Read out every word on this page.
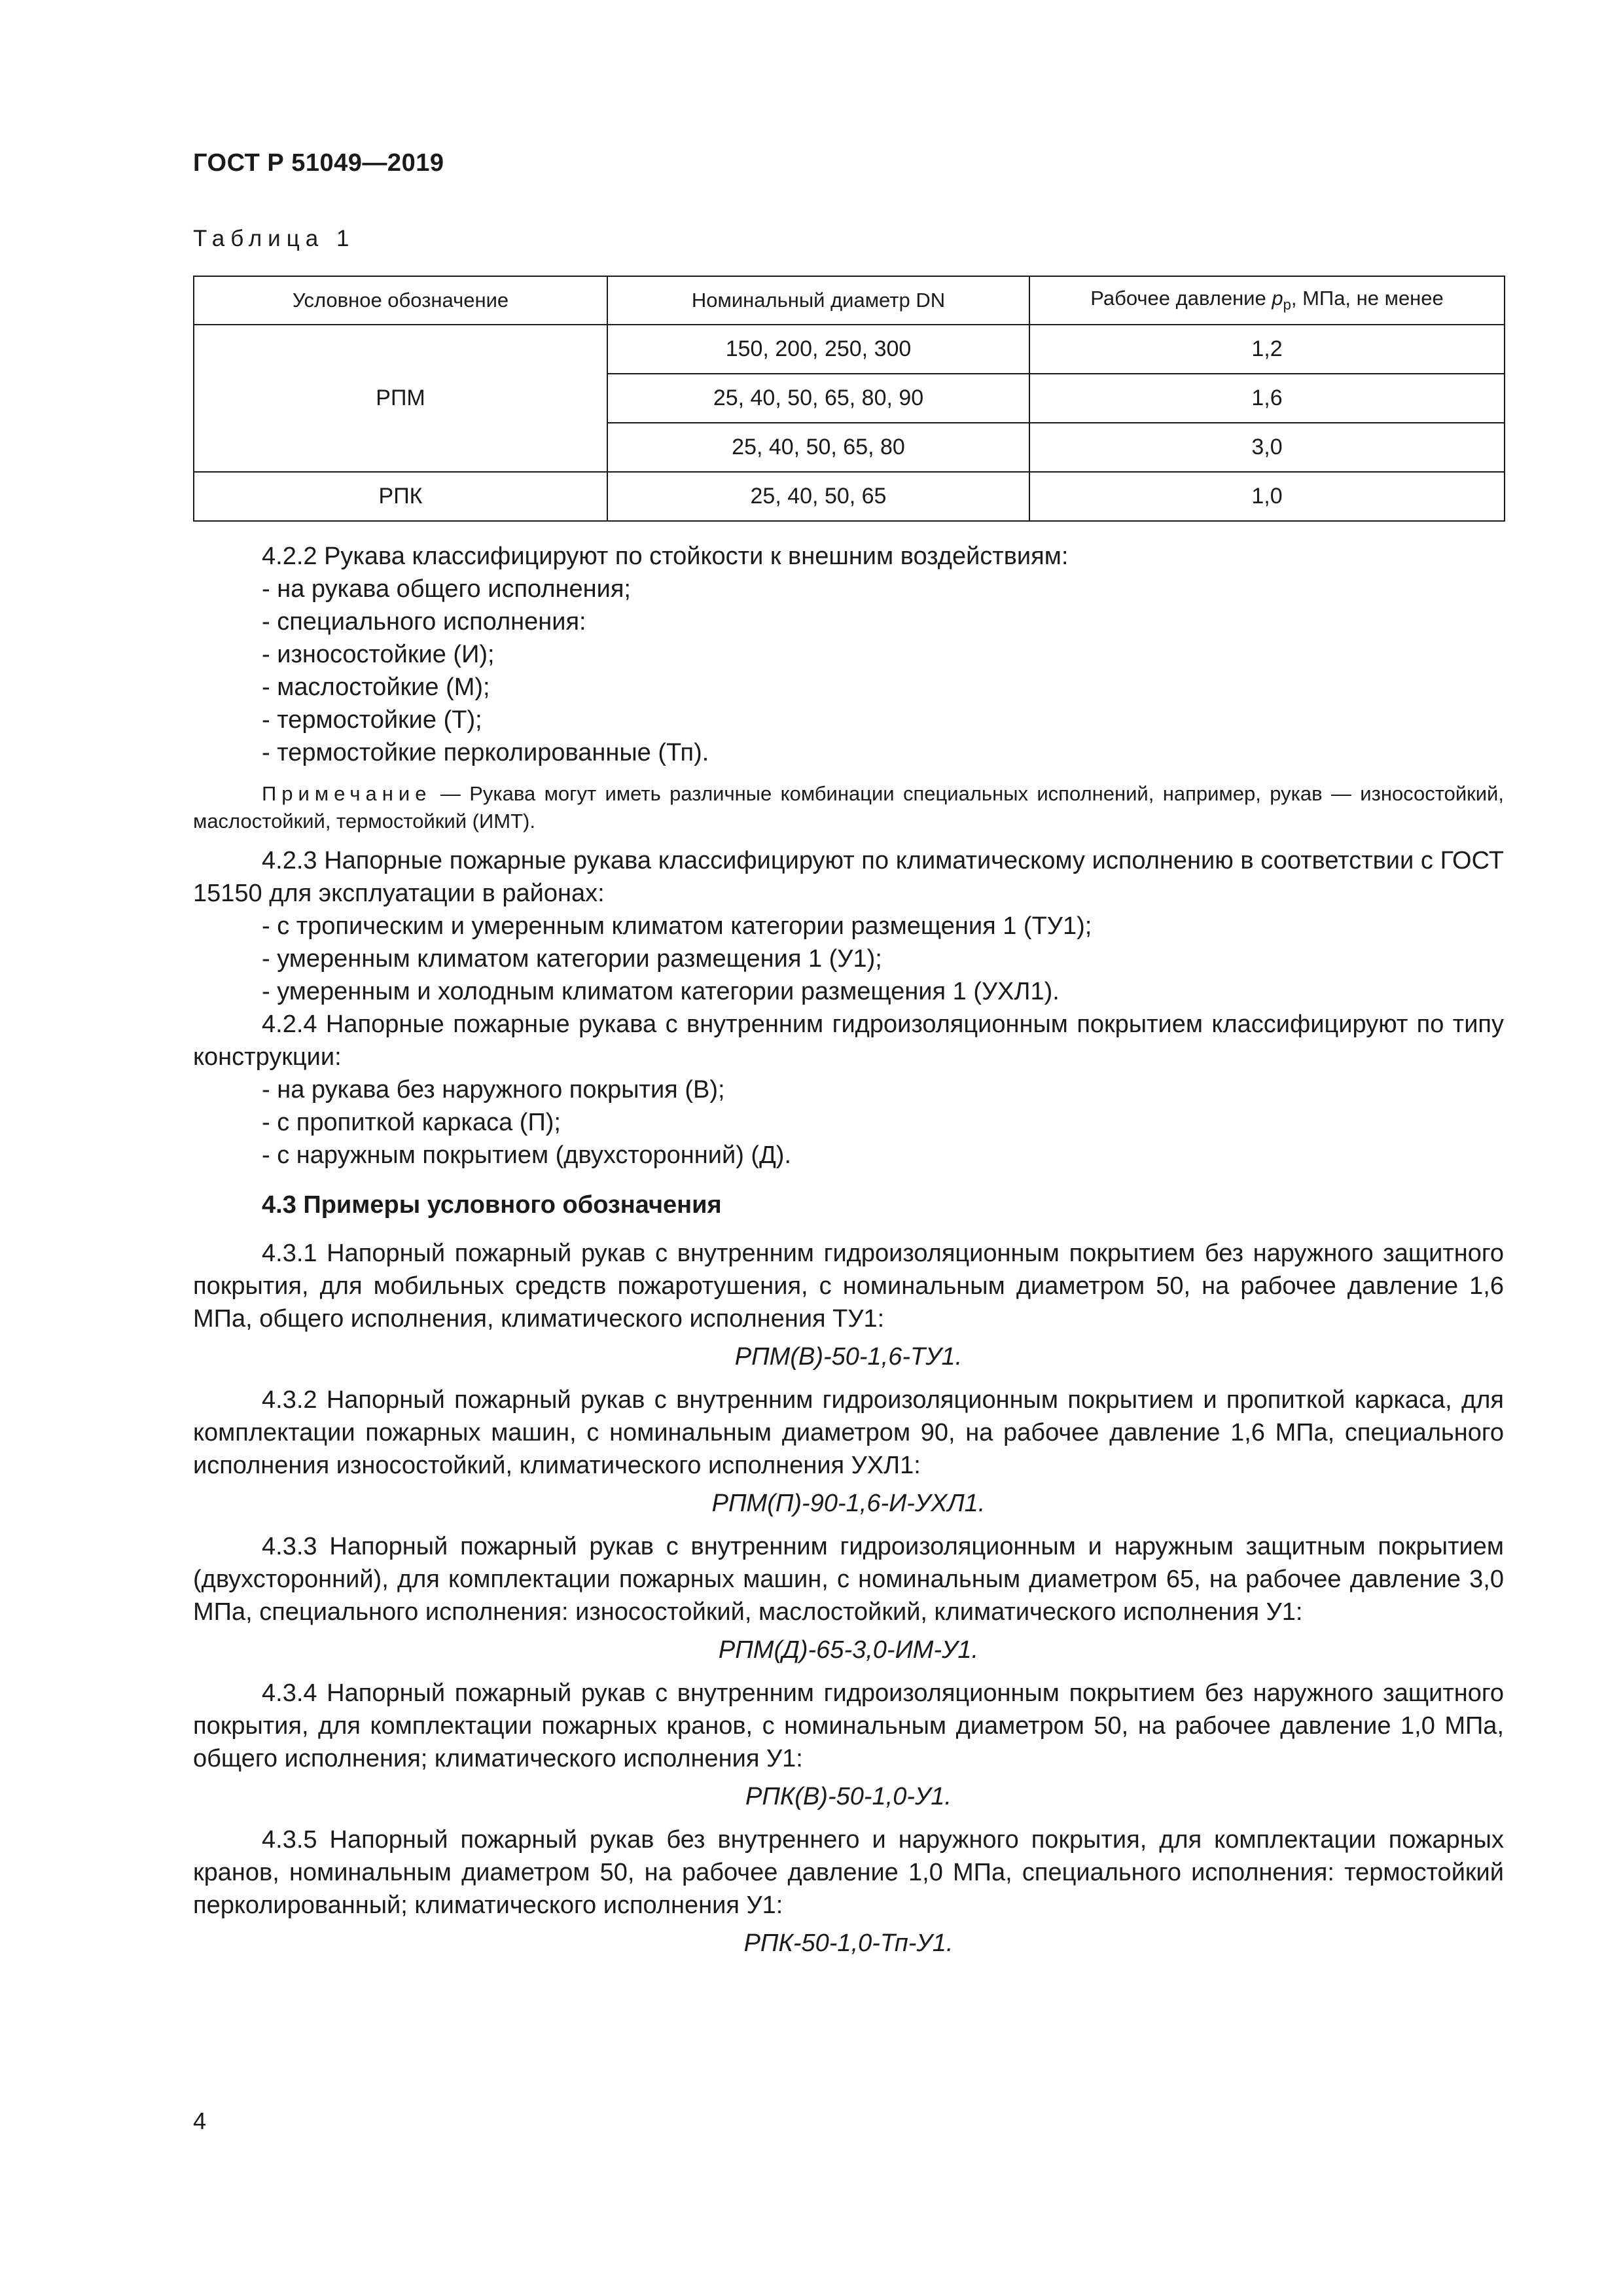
ГОСТ Р 51049—2019
Таблица 1
Условное обозначение	Номинальный диаметр DN	Рабочее давление $p_р$, МПа, не менее
РПМ	150, 200, 250, 300	1,2
	25, 40, 50, 65, 80, 90	1,6
	25, 40, 50, 65, 80	3,0
РПК	25, 40, 50, 65	1,0

4.2.2 Рукава классифицируют по стойкости к внешним воздействиям:

- на рукава общего исполнения;

- специального исполнения:

- износостойкие (И);

- маслостойкие (М);

- термостойкие (Т);

- термостойкие перколированные (Тп).

Примечание — Рукава могут иметь различные комбинации специальных исполнений, например, рукав — износостойкий, маслостойкий, термостойкий (ИМТ).

4.2.3 Напорные пожарные рукава классифицируют по климатическому исполнению в соответствии с ГОСТ 15150 для эксплуатации в районах:

- с тропическим и умеренным климатом категории размещения 1 (ТУ1);

- умеренным климатом категории размещения 1 (У1);

- умеренным и холодным климатом категории размещения 1 (УХЛ1).

4.2.4 Напорные пожарные рукава с внутренним гидроизоляционным покрытием классифицируют по типу конструкции:

- на рукава без наружного покрытия (В);

- с пропиткой каркаса (П);

- с наружным покрытием (двухсторонний) (Д).

4.3 Примеры условного обозначения

4.3.1 Напорный пожарный рукав с внутренним гидроизоляционным покрытием без наружного защитного покрытия, для мобильных средств пожаротушения, с номинальным диаметром 50, на рабочее давление 1,6 МПа, общего исполнения, климатического исполнения ТУ1:

РПМ(В)-50-1,6-ТУ1.

4.3.2 Напорный пожарный рукав с внутренним гидроизоляционным покрытием и пропиткой каркаса, для комплектации пожарных машин, с номинальным диаметром 90, на рабочее давление 1,6 МПа, специального исполнения износостойкий, климатического исполнения УХЛ1:

РПМ(П)-90-1,6-И-УХЛ1.

4.3.3 Напорный пожарный рукав с внутренним гидроизоляционным и наружным защитным покрытием (двухсторонний), для комплектации пожарных машин, с номинальным диаметром 65, на рабочее давление 3,0 МПа, специального исполнения: износостойкий, маслостойкий, климатического исполнения У1:

РПМ(Д)-65-3,0-ИМ-У1.

4.3.4 Напорный пожарный рукав с внутренним гидроизоляционным покрытием без наружного защитного покрытия, для комплектации пожарных кранов, с номинальным диаметром 50, на рабочее давление 1,0 МПа, общего исполнения; климатического исполнения У1:

РПК(В)-50-1,0-У1.

4.3.5 Напорный пожарный рукав без внутреннего и наружного покрытия, для комплектации пожарных кранов, номинальным диаметром 50, на рабочее давление 1,0 МПа, специального исполнения: термостойкий перколированный; климатического исполнения У1:

РПК-50-1,0-Тп-У1.

4
